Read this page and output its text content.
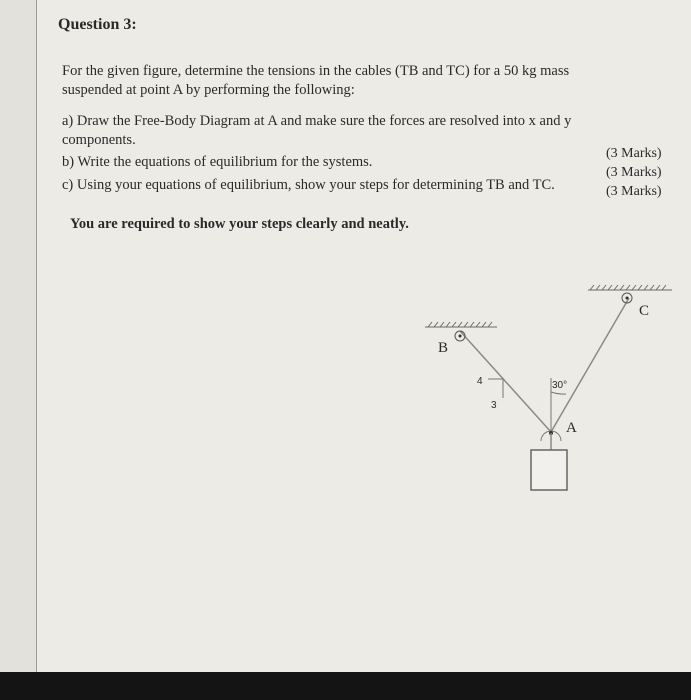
Question 3:
For the given figure, determine the tensions in the cables (TB and TC) for a 50 kg mass
suspended at point A by performing the following:
a) Draw the Free-Body Diagram at A and make sure the forces are resolved into x and y
components.
(3 Marks)
b) Write the equations of equilibrium for the systems.
(3 Marks)
c) Using your equations of equilibrium, show your steps for determining TB and TC.	(3 Marks)
You are required to show your steps clearly and neatly.
B
C
A
4
3
30°
